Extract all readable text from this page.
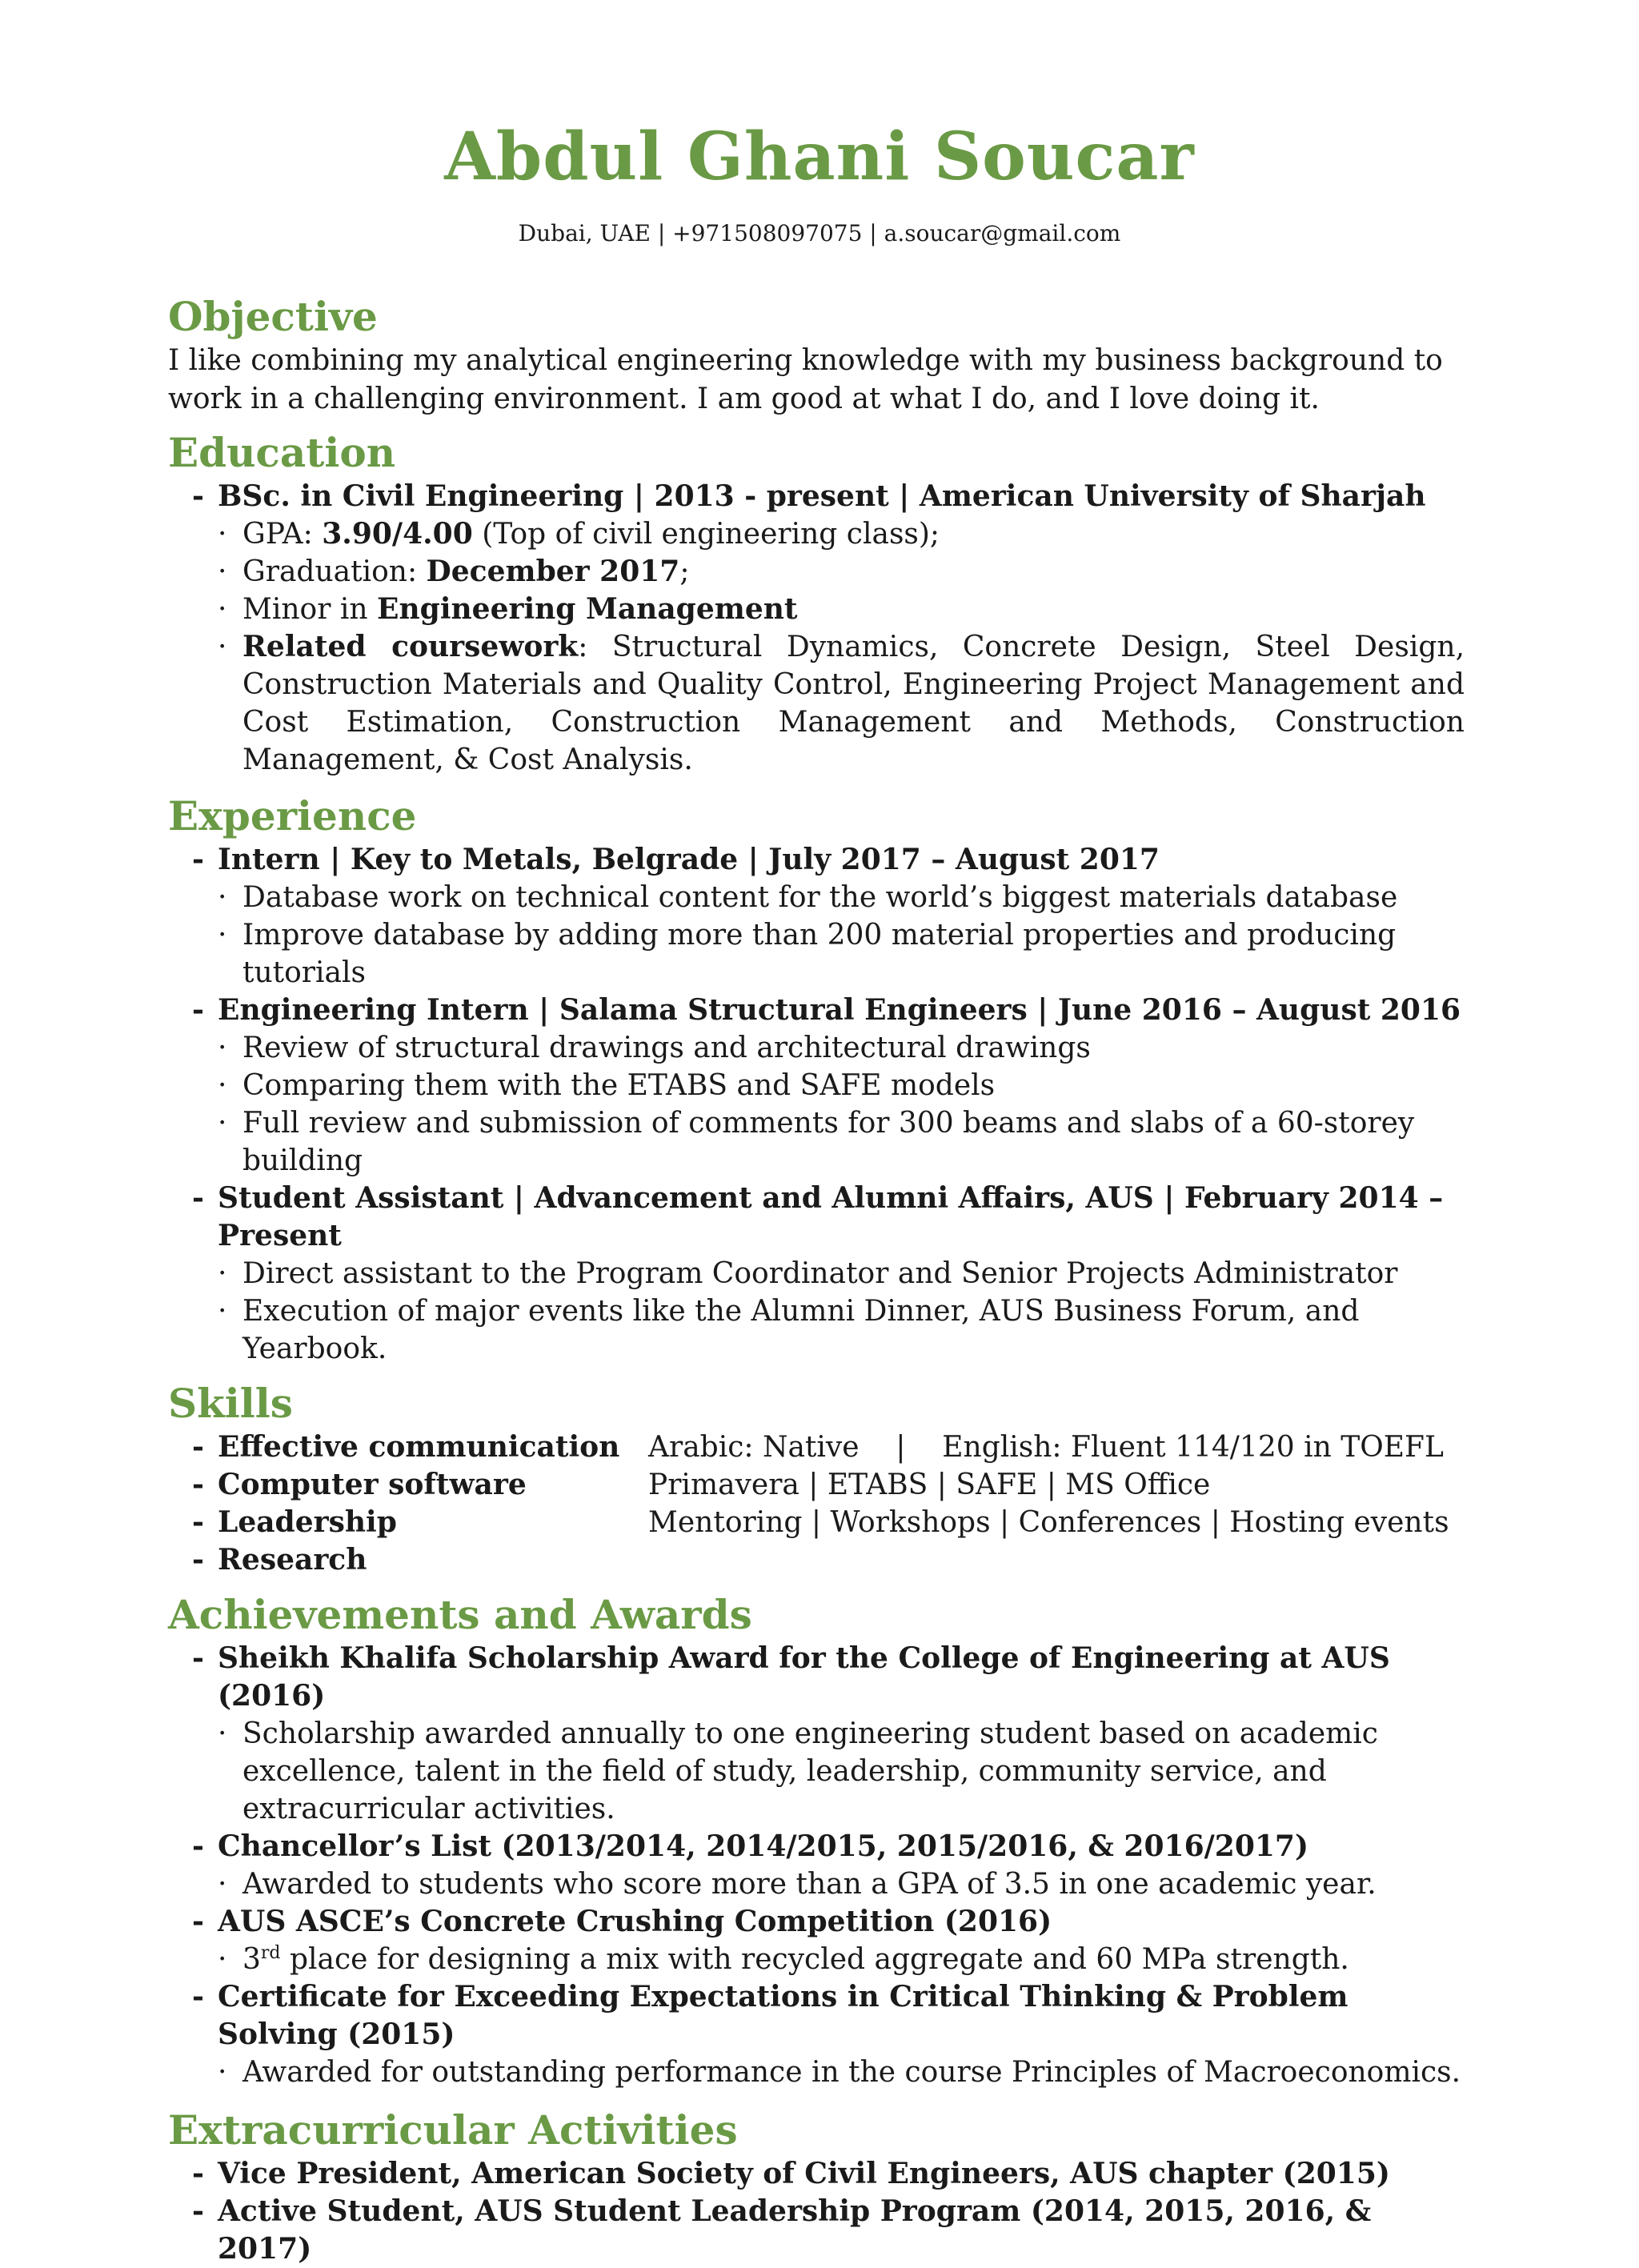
Abdul Ghani Soucar
Dubai, UAE | +971508097075 | a.soucar@gmail.com
Objective

I like combining my analytical engineering knowledge with my business background to work in a challenging environment. I am good at what I do, and I love doing it.

Education
- BSc. in Civil Engineering | 2013 - present | American University of Sharjah
· GPA: 3.90/4.00 (Top of civil engineering class);
· Graduation: December 2017;
· Minor in Engineering Management
· Related coursework: Structural Dynamics, Concrete Design, Steel Design, Construction Materials and Quality Control, Engineering Project Management and Cost Estimation, Construction Management and Methods, Construction Management, & Cost Analysis.
Experience
- Intern | Key to Metals, Belgrade | July 2017 – August 2017
· Database work on technical content for the world’s biggest materials database
· Improve database by adding more than 200 material properties and producing tutorials
- Engineering Intern | Salama Structural Engineers | June 2016 – August 2016
· Review of structural drawings and architectural drawings
· Comparing them with the ETABS and SAFE models
· Full review and submission of comments for 300 beams and slabs of a 60-storey building
- Student Assistant | Advancement and Alumni Affairs, AUS | February 2014 – Present
· Direct assistant to the Program Coordinator and Senior Projects Administrator
· Execution of major events like the Alumni Dinner, AUS Business Forum, and Yearbook.
Skills
- Effective communication Arabic: Native    |    English: Fluent 114/120 in TOEFL
- Computer software	Primavera | ETABS | SAFE | MS Office
- Leadership	Mentoring | Workshops | Conferences | Hosting events
- Research
Achievements and Awards
- Sheikh Khalifa Scholarship Award for the College of Engineering at AUS (2016)
· Scholarship awarded annually to one engineering student based on academic excellence, talent in the field of study, leadership, community service, and extracurricular activities.
- Chancellor’s List (2013/2014, 2014/2015, 2015/2016, & 2016/2017)
· Awarded to students who score more than a GPA of 3.5 in one academic year.
- AUS ASCE’s Concrete Crushing Competition (2016)
· 3rd place for designing a mix with recycled aggregate and 60 MPa strength.
- Certificate for Exceeding Expectations in Critical Thinking & Problem Solving (2015)
· Awarded for outstanding performance in the course Principles of Macroeconomics.
Extracurricular Activities
- Vice President, American Society of Civil Engineers, AUS chapter (2015)
- Active Student, AUS Student Leadership Program (2014, 2015, 2016, & 2017)
